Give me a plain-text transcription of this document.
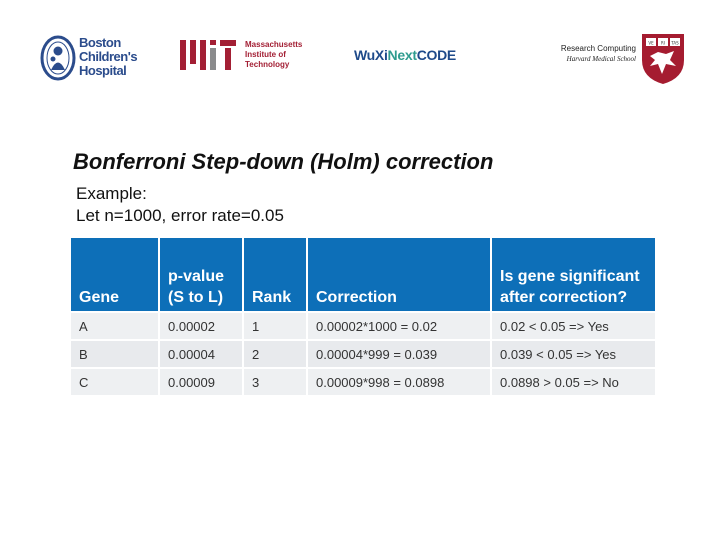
Boston
Children's
Hospital
Massachusetts
Institute of
Technology
WuXiNextCODE	Research Computing
Harvard Medical School
VE RI TAS
Bonferroni Step-down (Holm) correction
Example:
Let n=1000, error rate=0.05
Gene	p-value (S to L)	Rank	Correction	Is gene significant after correction?
A	0.00002	1	0.00002*1000 = 0.02	0.02 < 0.05 => Yes
B	0.00004	2	0.00004*999 = 0.039	0.039 < 0.05 => Yes
C	0.00009	3	0.00009*998 = 0.0898	0.0898 > 0.05 => No
